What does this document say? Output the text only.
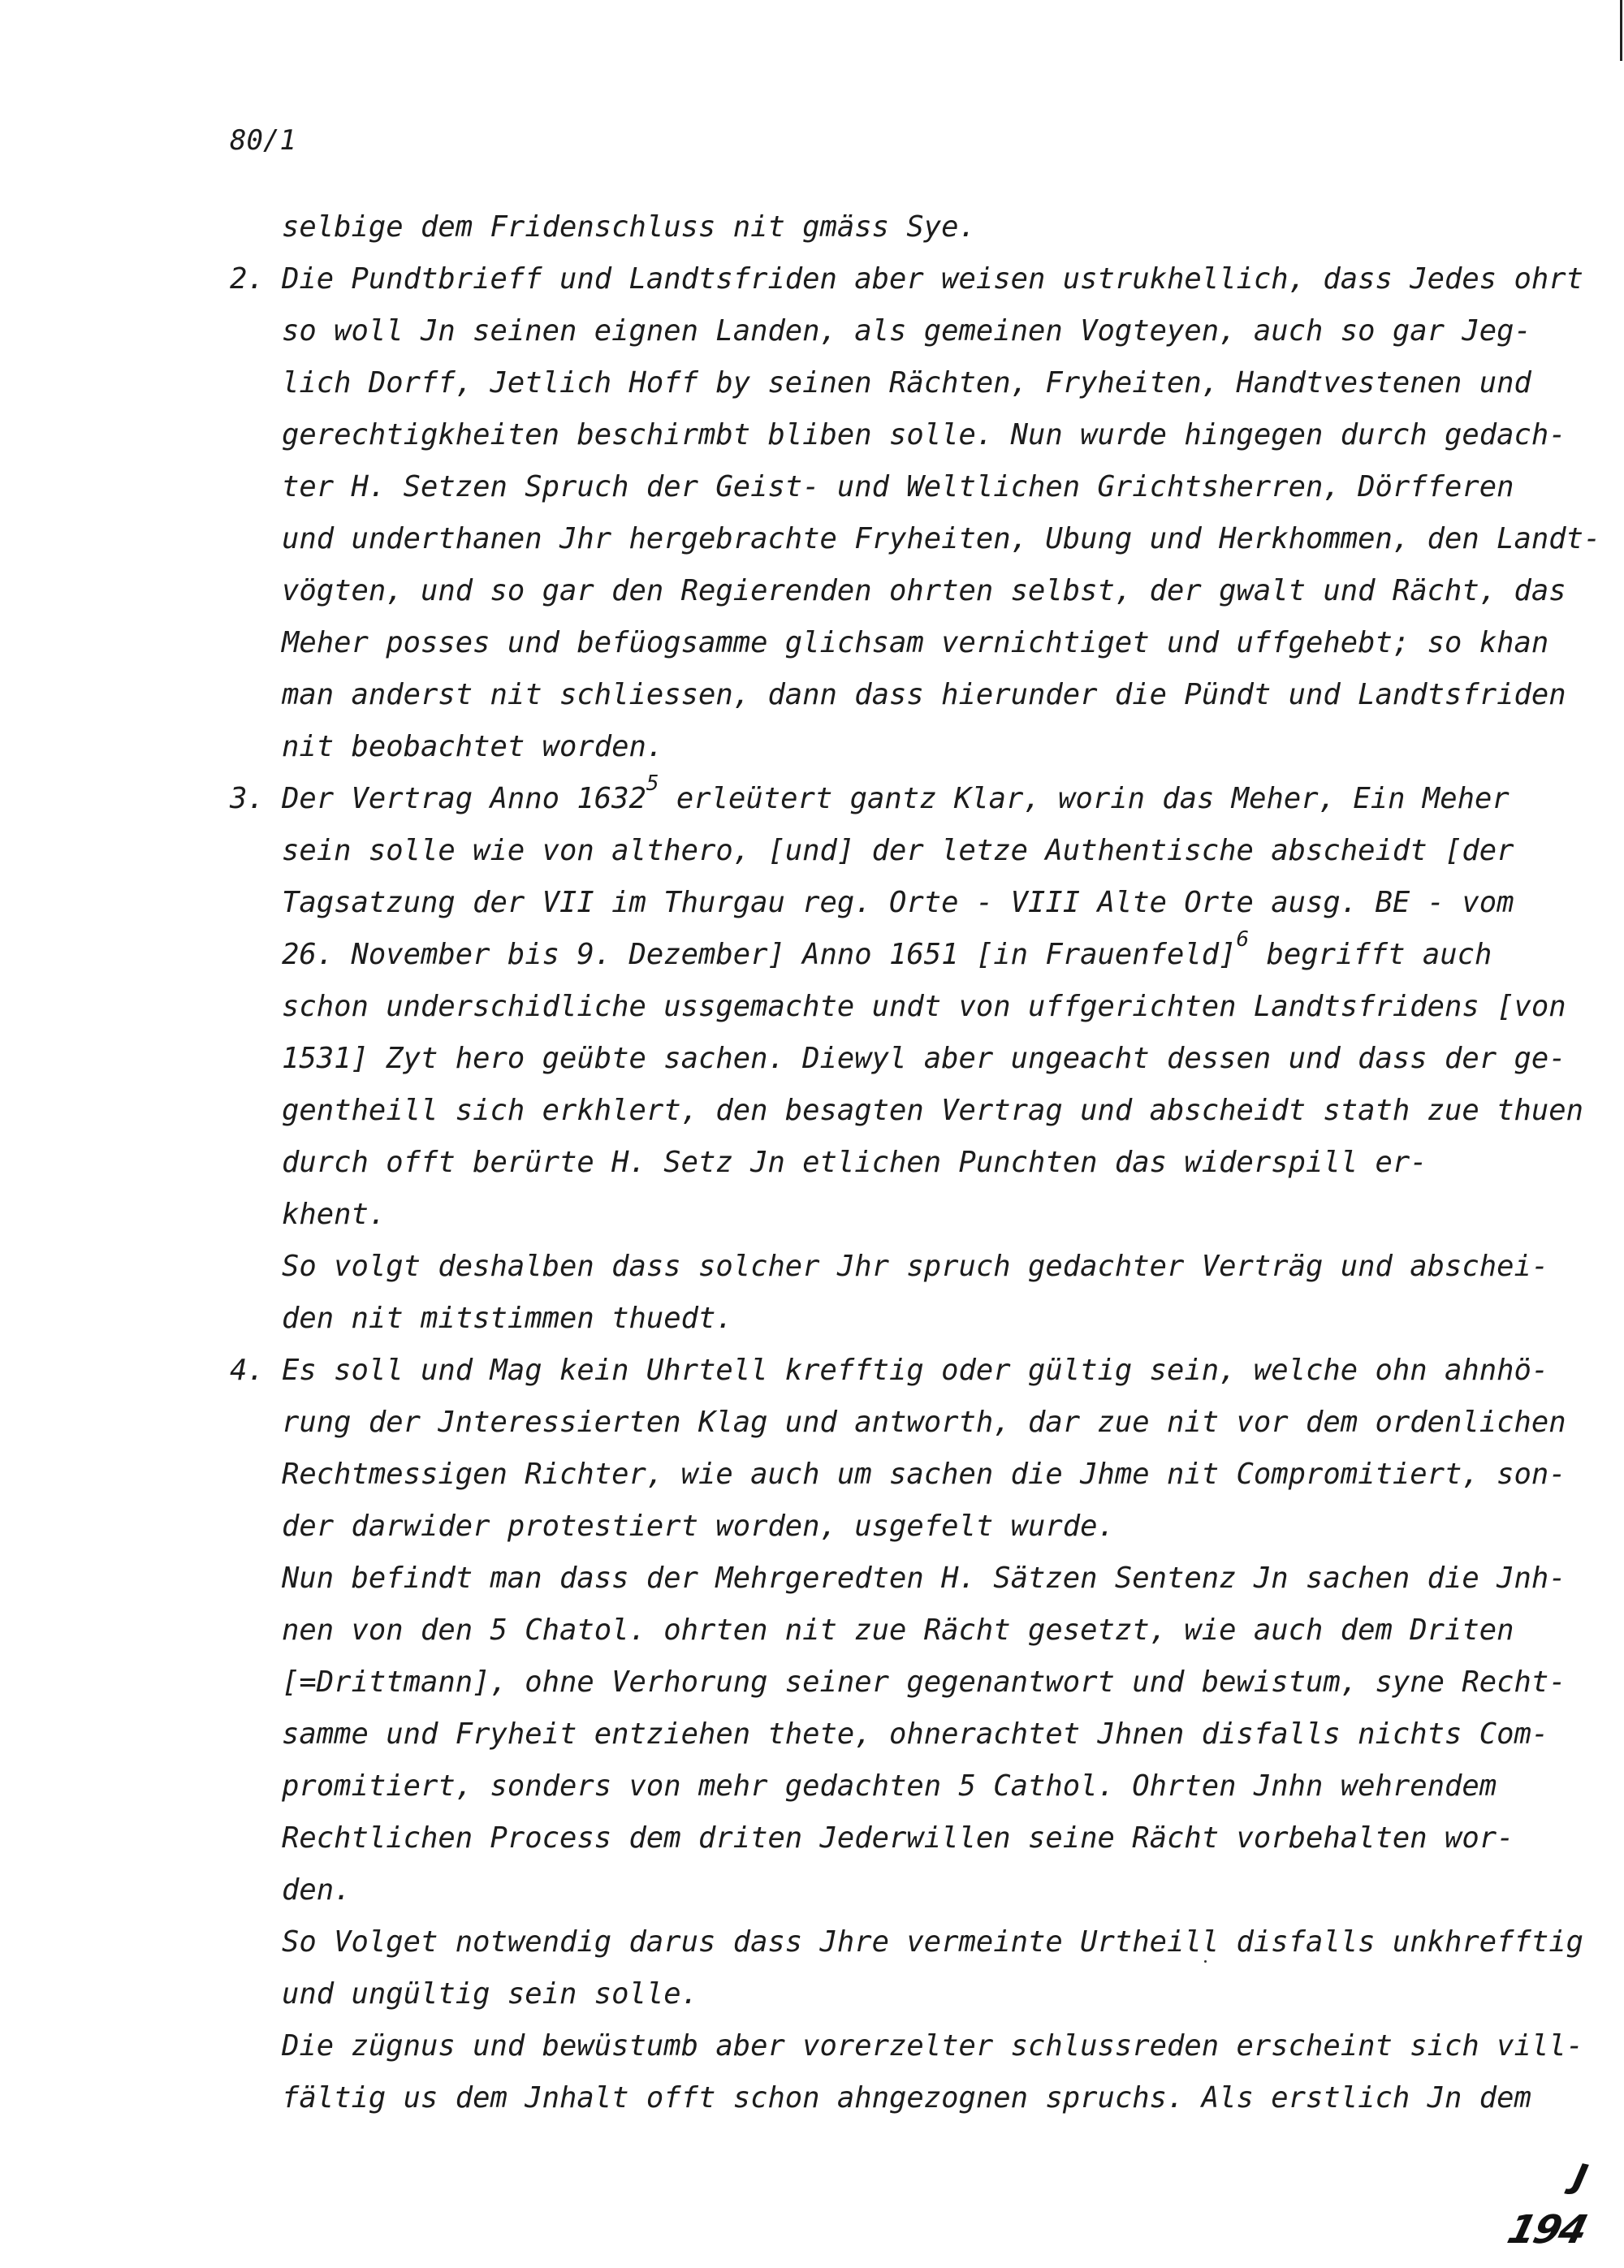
80/1
selbige dem Fridenschluss nit gmäss Sye.
2. Die Pundtbrieff und Landtsfriden aber weisen ustrukhellich, dass Jedes ohrt
so woll Jn seinen eignen Landen, als gemeinen Vogteyen, auch so gar Jeg-
lich Dorff, Jetlich Hoff by seinen Rächten, Fryheiten, Handtvestenen und
gerechtigkheiten beschirmbt bliben solle. Nun wurde hingegen durch gedach-
ter H. Setzen Spruch der Geist- und Weltlichen Grichtsherren, Dörfferen
und underthanen Jhr hergebrachte Fryheiten, Ubung und Herkhommen, den Landt-
vögten, und so gar den Regierenden ohrten selbst, der gwalt und Rächt, das
Meher posses und befüogsamme glichsam vernichtiget und uffgehebt; so khan
man anderst nit schliessen, dann dass hierunder die Pündt und Landtsfriden
nit beobachtet worden.
3. Der Vertrag Anno 1632$^5$ erleütert gantz Klar, worin das Meher, Ein Meher
sein solle wie von althero, [und] der letze Authentische abscheidt [der
Tagsatzung der VII im Thurgau reg. Orte - VIII Alte Orte ausg. BE - vom
26. November bis 9. Dezember] Anno 1651 [in Frauenfeld]$^6$ begrifft auch
schon underschidliche ussgemachte undt von uffgerichten Landtsfridens [von
1531] Zyt hero geübte sachen. Diewyl aber ungeacht dessen und dass der ge-
gentheill sich erkhlert, den besagten Vertrag und abscheidt stath zue thuen
durch offt berürte H. Setz Jn etlichen Punchten das widerspill er-
khent.
So volgt deshalben dass solcher Jhr spruch gedachter Verträg und abschei-
den nit mitstimmen thuedt.
4. Es soll und Mag kein Uhrtell krefftig oder gültig sein, welche ohn ahnhö-
rung der Jnteressierten Klag und antworth, dar zue nit vor dem ordenlichen
Rechtmessigen Richter, wie auch um sachen die Jhme nit Compromitiert, son-
der darwider protestiert worden, usgefelt wurde.
Nun befindt man dass der Mehrgeredten H. Sätzen Sentenz Jn sachen die Jnh-
nen von den 5 Chatol. ohrten nit zue Rächt gesetzt, wie auch dem Driten
[=Drittmann], ohne Verhorung seiner gegenantwort und bewistum, syne Recht-
samme und Fryheit entziehen thete, ohnerachtet Jhnen disfalls nichts Com-
promitiert, sonders von mehr gedachten 5 Cathol. Ohrten Jnhn wehrendem
Rechtlichen Process dem driten Jederwillen seine Rächt vorbehalten wor-
den.
So Volget notwendig darus dass Jhre vermeinte Urtheill disfalls unkhrefftig
und ungültig sein solle.
Die zügnus und bewüstumb aber vorerzelter schlussreden erscheint sich vill-
fältig us dem Jnhalt offt schon ahngezognen spruchs. Als erstlich Jn dem
J
194
